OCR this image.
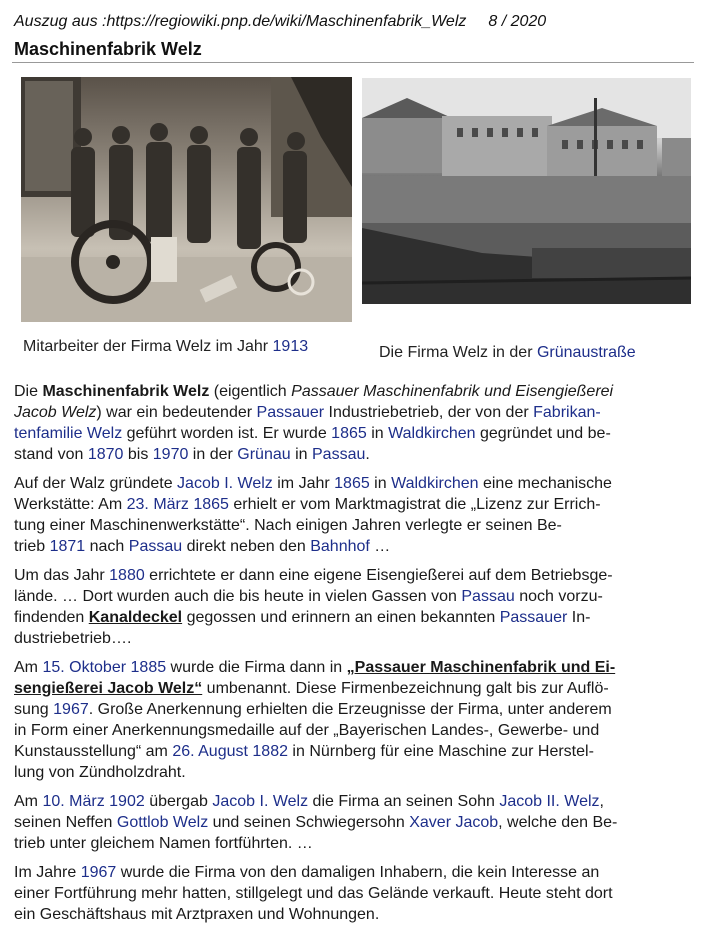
Auszug aus :https://regiowiki.pnp.de/wiki/Maschinenfabrik_Welz 8 / 2020
Maschinenfabrik Welz
Mitarbeiter der Firma Welz im Jahr 1913	Die Firma Welz in der Grünaustraße
Die Maschinenfabrik Welz (eigentlich Passauer Maschinenfabrik und Eisengießerei
Jacob Welz) war ein bedeutender Passauer Industriebetrieb, der von der Fabrikan-
tenfamilie Welz geführt worden ist. Er wurde 1865 in Waldkirchen gegründet und be-
stand von 1870 bis 1970 in der Grünau in Passau.
Auf der Walz gründete Jacob I. Welz im Jahr 1865 in Waldkirchen eine mechanische
Werkstätte: Am 23. März 1865 erhielt er vom Marktmagistrat die „Lizenz zur Errich-
tung einer Maschinenwerkstätte“. Nach einigen Jahren verlegte er seinen Be-
trieb 1871 nach Passau direkt neben den Bahnhof …
Um das Jahr 1880 errichtete er dann eine eigene Eisengießerei auf dem Betriebsge-
lände. … Dort wurden auch die bis heute in vielen Gassen von Passau noch vorzu-
findenden Kanaldeckel gegossen und erinnern an einen bekannten Passauer In-
dustriebetrieb….
Am 15. Oktober 1885 wurde die Firma dann in „Passauer Maschinenfabrik und Ei-
sengießerei Jacob Welz“ umbenannt. Diese Firmenbezeichnung galt bis zur Auflö-
sung 1967. Große Anerkennung erhielten die Erzeugnisse der Firma, unter anderem
in Form einer Anerkennungsmedaille auf der „Bayerischen Landes-, Gewerbe- und
Kunstausstellung“ am 26. August 1882 in Nürnberg für eine Maschine zur Herstel-
lung von Zündholzdraht.
Am 10. März 1902 übergab Jacob I. Welz die Firma an seinen Sohn Jacob II. Welz,
seinen Neffen Gottlob Welz und seinen Schwiegersohn Xaver Jacob, welche den Be-
trieb unter gleichem Namen fortführten. …
Im Jahre 1967 wurde die Firma von den damaligen Inhabern, die kein Interesse an
einer Fortführung mehr hatten, stillgelegt und das Gelände verkauft. Heute steht dort
ein Geschäftshaus mit Arztpraxen und Wohnungen.
